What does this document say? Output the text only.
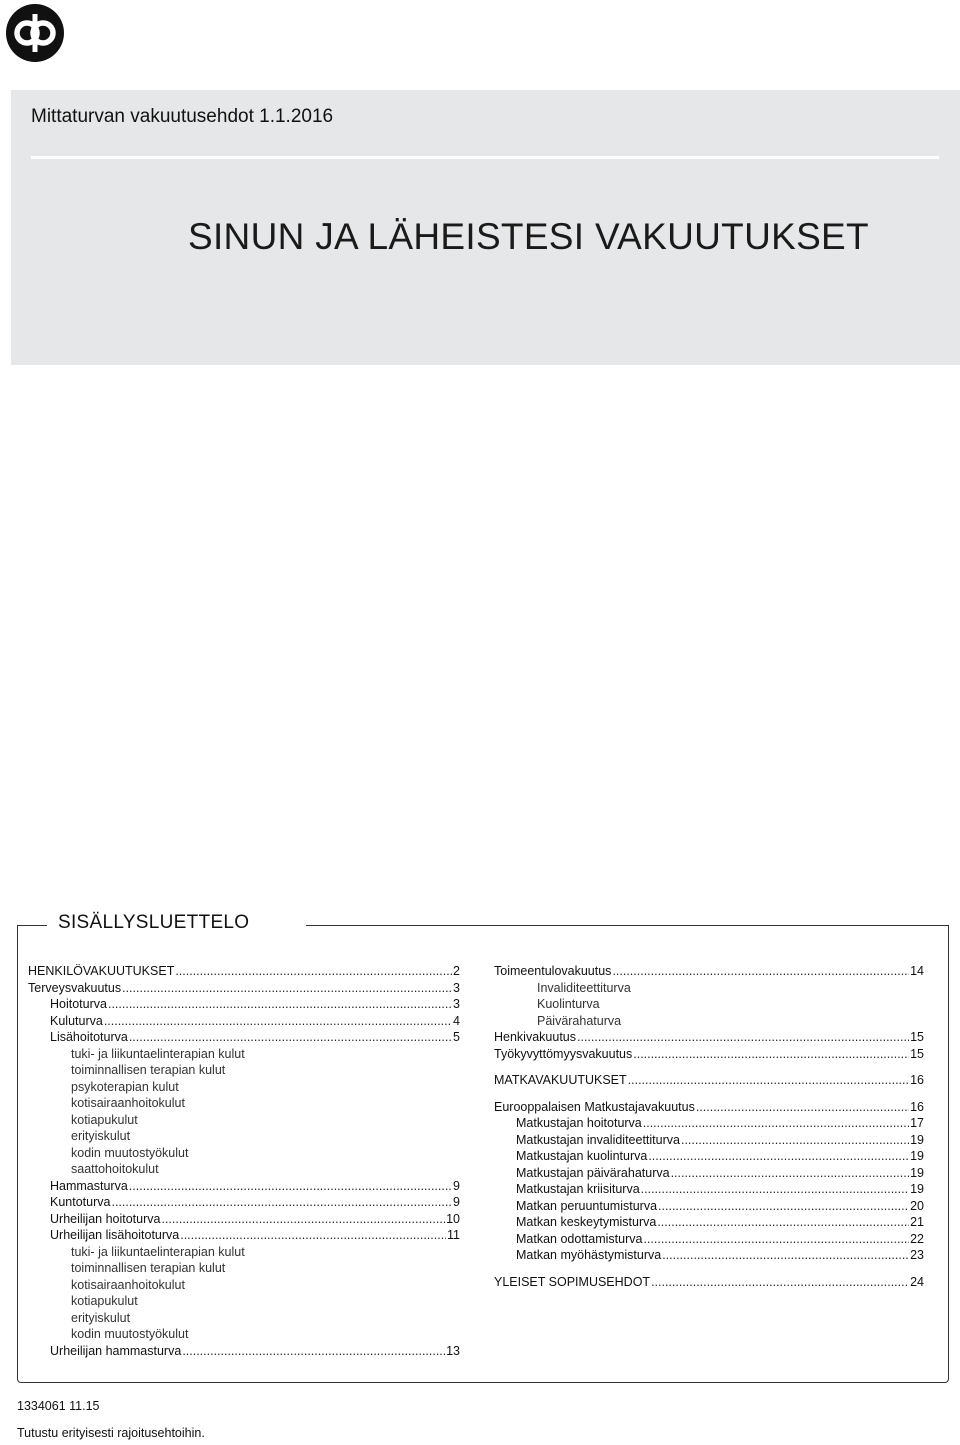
Mittaturvan vakuutusehdot 1.1.2016
SINUN JA LÄHEISTESI VAKUUTUKSET
SISÄLLYSLUETTELO
HENKILÖVAKUUTUKSET .....	2
Terveysvakuutus .....	3
Hoitoturva .....	3
Kuluturva .....	4
Lisähoitoturva .....	5
tuki- ja liikuntaelinterapian kulut
toiminnallisen terapian kulut
psykoterapian kulut
kotisairaanhoitokulut
kotiapukulut
erityiskulut
kodin muutostyökulut
saattohoitokulut
Hammasturva .....	9
Kuntoturva .....	9
Urheilijan hoitoturva .....	10
Urheilijan lisähoitoturva .....	11
tuki- ja liikuntaelinterapian kulut
toiminnallisen terapian kulut
kotisairaanhoitokulut
kotiapukulut
erityiskulut
kodin muutostyökulut
Urheilijan hammasturva .....	13
Toimeentulovakuutus .....	14
Invaliditeettiturva
Kuolinturva
Päivärahaturva
Henkivakuutus .....	15
Työkyvyttömyysvakuutus .....	15
MATKAVAKUUTUKSET .....	16
Eurooppalaisen Matkustajavakuutus .....	16
Matkustajan hoitoturva .....	17
Matkustajan invaliditeettiturva .....	19
Matkustajan kuolinturva .....	19
Matkustajan päivärahaturva .....	19
Matkustajan kriisiturva .....	19
Matkan peruuntumisturva .....	20
Matkan keskeytymisturva .....	21
Matkan odottamisturva .....	22
Matkan myöhästymisturva .....	23
YLEISET SOPIMUSEHDOT .....	24
1334061 11.15
Tutustu erityisesti rajoitusehtoihin.
